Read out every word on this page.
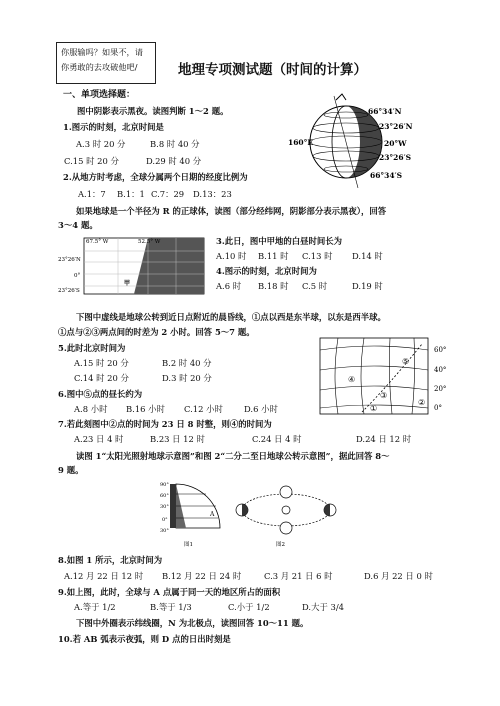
你服输吗？如果不，请
你勇敢的去攻破他吧/	地理专项测试题（时间的计算）
一、单项选择题：
图中阴影表示黑夜。读图判断 1～2 题。
1.图示的时刻，北京时间是
A.3 时 20 分	B.8 时 40 分
C.15 时 20 分	D.29 时 40 分
2.从地方时考虑，全球分属两个日期的经度比例为
A.1：7 B.1：1 C.7：29 D.13：23
66°34′N
23°26′N
20°W
23°26′S
66°34′S
160°E
如果地球是一个半径为 R 的正球体，读图（部分经纬网，阴影部分表示黑夜），回答
3～4 题。
67.5° W	52.5° W
23°26′N
0°
23°26′S
甲
3.此日，图中甲地的白昼时间长为
A.10 时 B.11 时 C.13 时 D.14 时
4.图示的时刻，北京时间为
A.6 时 B.18 时 C.5 时	D.19 时
下图中虚线是地球公转到近日点附近的晨昏线，①点以西是东半球，以东是西半球。
①点与②③两点间的时差为 2 小时。回答 5～7 题。
5.此时北京时间为
A.15 时 20 分	B.2 时 40 分
C.14 时 20 分	D.3 时 20 分
6.图中⑤点的昼长约为
A.8 小时 B.16 小时 C.12 小时	D.6 小时
7.若此刻图中②点的时间为 23 日 8 时整，则④的时间为
A.23 日 4 时	B.23 日 12 时	C.24 日 4 时	D.24 日 12 时
60°
40°
20°
0°
①
②
③
④
⑤
读图 1“太阳光照射地球示意图”和图 2“二分二至日地球公转示意图”，据此回答 8～
9 题。
90°
60°
30°
0°
30°
A
图1	图2
8.如图 1 所示，北京时间为
A.12 月 22 日 12 时 B.12 月 22 日 24 时	C.3 月 21 日 6 时	D.6 月 22 日 0 时
9.如上图，此时，全球与 A 点属于同一天的地区所占的面积
A.等于 1/2	B.等于 1/3	C.小于 1/2	D.大于 3/4
下图中外圈表示纬线圈，N 为北极点，读图回答 10～11 题。
10.若 AB 弧表示夜弧，则 D 点的日出时刻是
